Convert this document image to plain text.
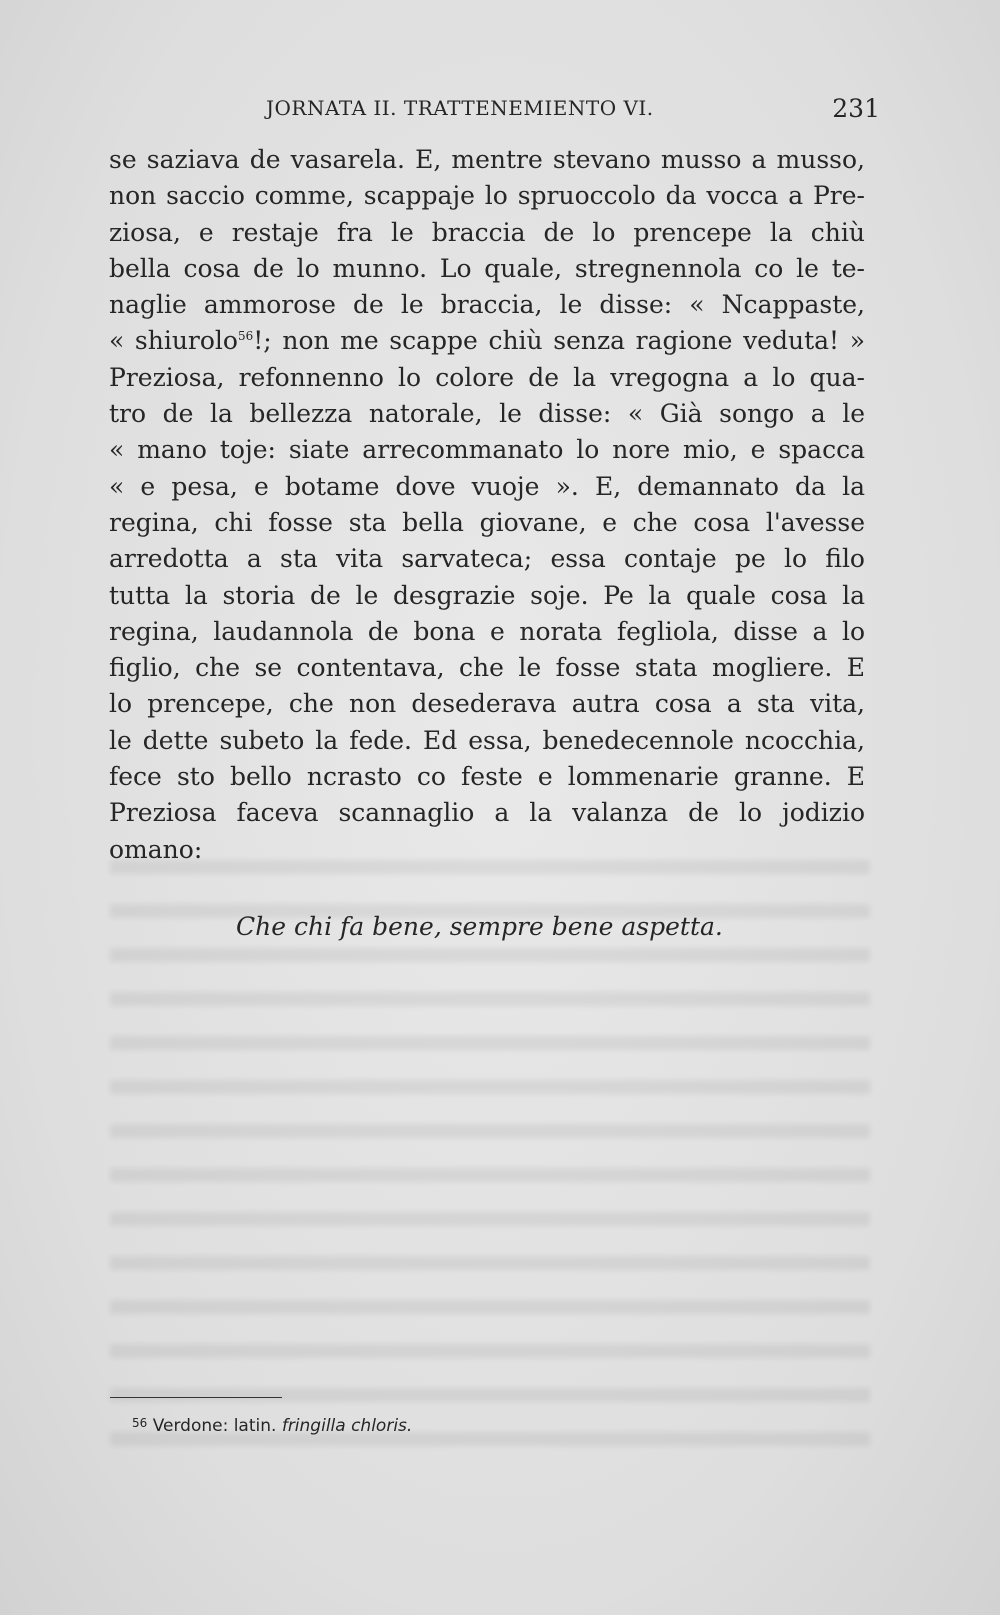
JORNATA II. TRATTENEMIENTO VI.	231
se saziava de vasarela. E, mentre stevano musso a musso,
non saccio comme, scappaje lo spruoccolo da vocca a Pre-
ziosa, e restaje fra le braccia de lo prencepe la chiù
bella cosa de lo munno. Lo quale, stregnennola co le te-
naglie ammorose de le braccia, le disse: « Ncappaste,
« shiurolo$^{56}$!; non me scappe chiù senza ragione veduta! »
Preziosa, refonnenno lo colore de la vregogna a lo qua-
tro de la bellezza natorale, le disse: « Già songo a le
« mano toje: siate arrecommanato lo nore mio, e spacca
« e pesa, e botame dove vuoje ». E, demannato da la
regina, chi fosse sta bella giovane, e che cosa l'avesse
arredotta a sta vita sarvateca; essa contaje pe lo filo
tutta la storia de le desgrazie soje. Pe la quale cosa la
regina, laudannola de bona e norata fegliola, disse a lo
figlio, che se contentava, che le fosse stata mogliere. E
lo prencepe, che non desederava autra cosa a sta vita,
le dette subeto la fede. Ed essa, benedecennole ncocchia,
fece sto bello ncrasto co feste e lommenarie granne. E
Preziosa faceva scannaglio a la valanza de lo jodizio
omano:
Che chi fa bene, sempre bene aspetta.
$^{56}$ Verdone: latin. fringilla chloris.
